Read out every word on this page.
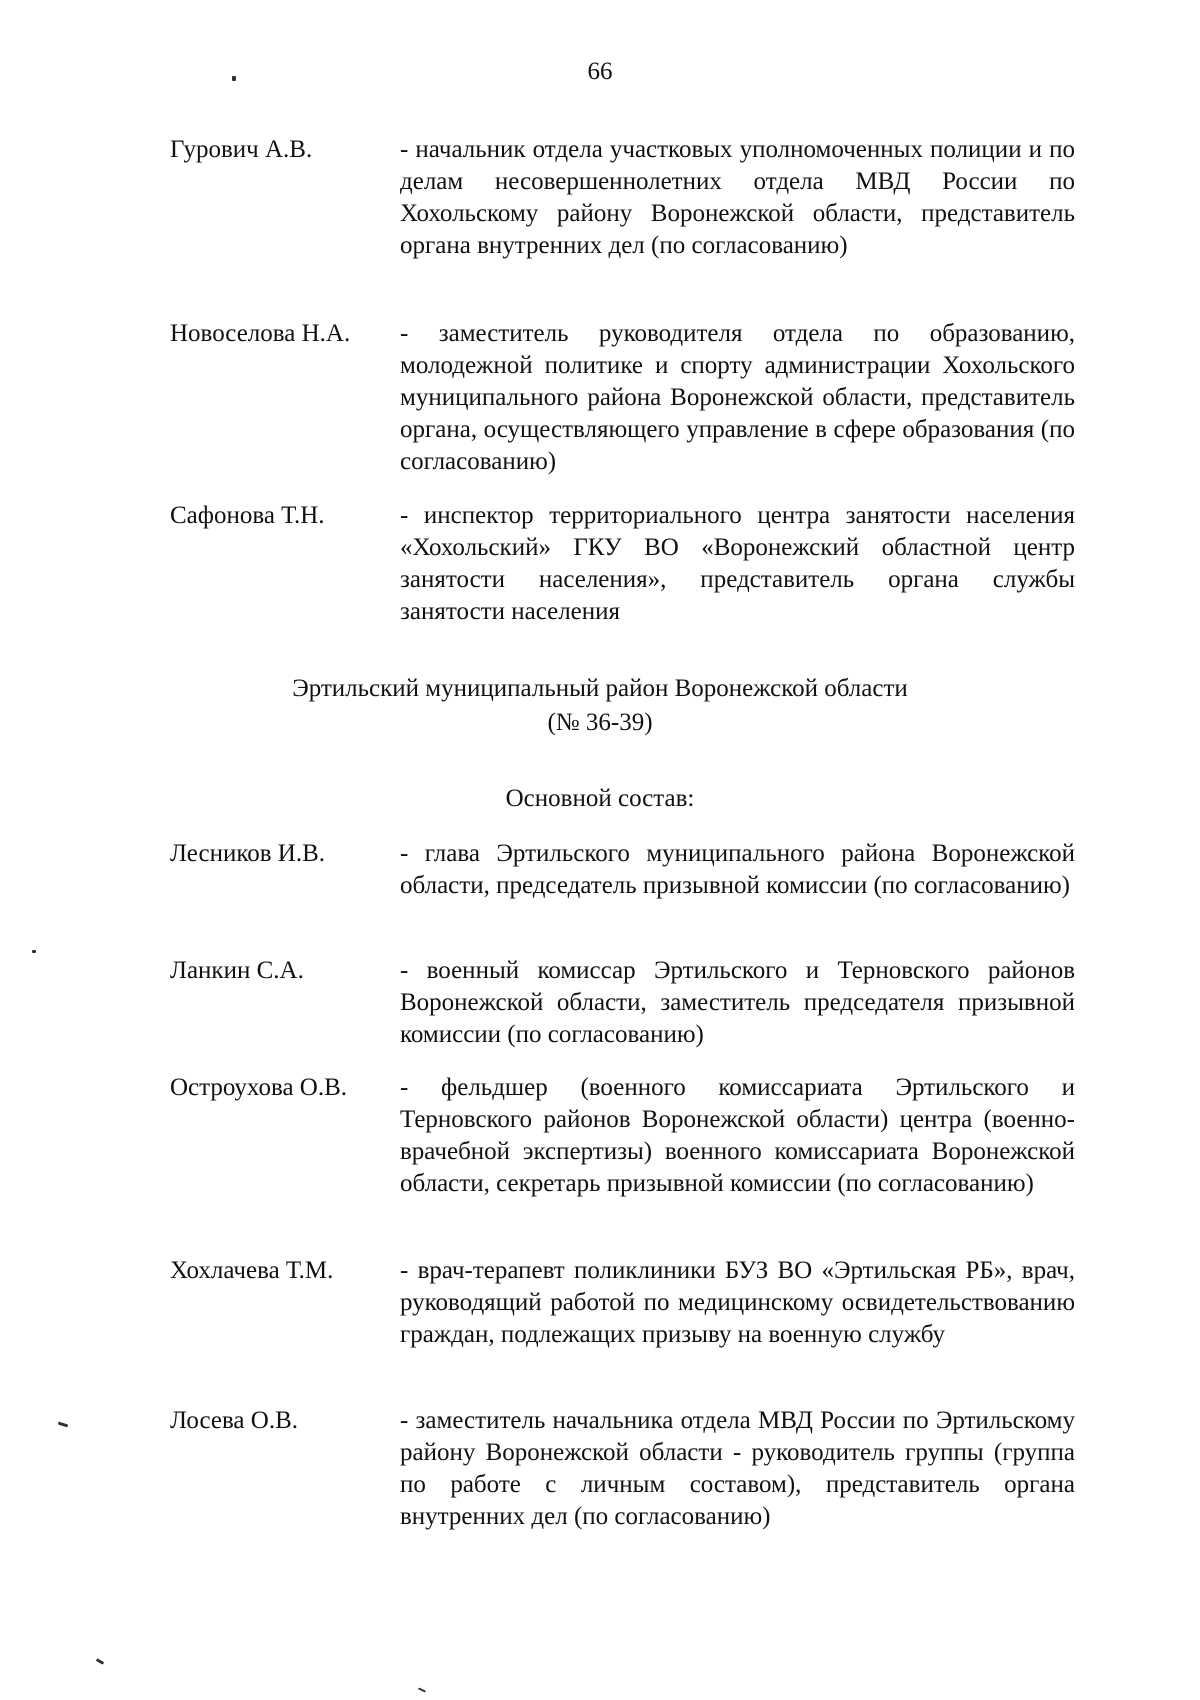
66
Гурович А.В.	- начальник отдела участковых уполномоченных полиции и по делам несовершеннолетних отдела МВД России по Хохольскому району Воронежской области, представитель органа внутренних дел (по согласованию)
Новоселова Н.А. - заместитель руководителя отдела по образованию, молодежной политике и спорту администрации Хохольского муниципального района Воронежской области, представитель органа, осуществляющего управление в сфере образования (по согласованию)
Сафонова Т.Н.	- инспектор территориального центра занятости населения «Хохольский» ГКУ ВО «Воронежский областной центр занятости населения», представитель органа службы занятости населения
Эртильский муниципальный район Воронежской области
(№ 36-39)
Основной состав:
Лесников И.В.	- глава Эртильского муниципального района Воронежской области, председатель призывной комиссии (по согласованию)
Ланкин С.А.	- военный комиссар Эртильского и Терновского районов Воронежской области, заместитель председателя призывной комиссии (по согласованию)
Остроухова О.В. - фельдшер (военного комиссариата Эртильского и Терновского районов Воронежской области) центра (военно-врачебной экспертизы) военного комиссариата Воронежской области, секретарь призывной комиссии (по согласованию)
Хохлачева Т.М.	- врач-терапевт поликлиники БУЗ ВО «Эртильская РБ», врач, руководящий работой по медицинскому освидетельствованию граждан, подлежащих призыву на военную службу
Лосева О.В.	- заместитель начальника отдела МВД России по Эртильскому району Воронежской области - руководитель группы (группа по работе с личным составом), представитель органа внутренних дел (по согласованию)
